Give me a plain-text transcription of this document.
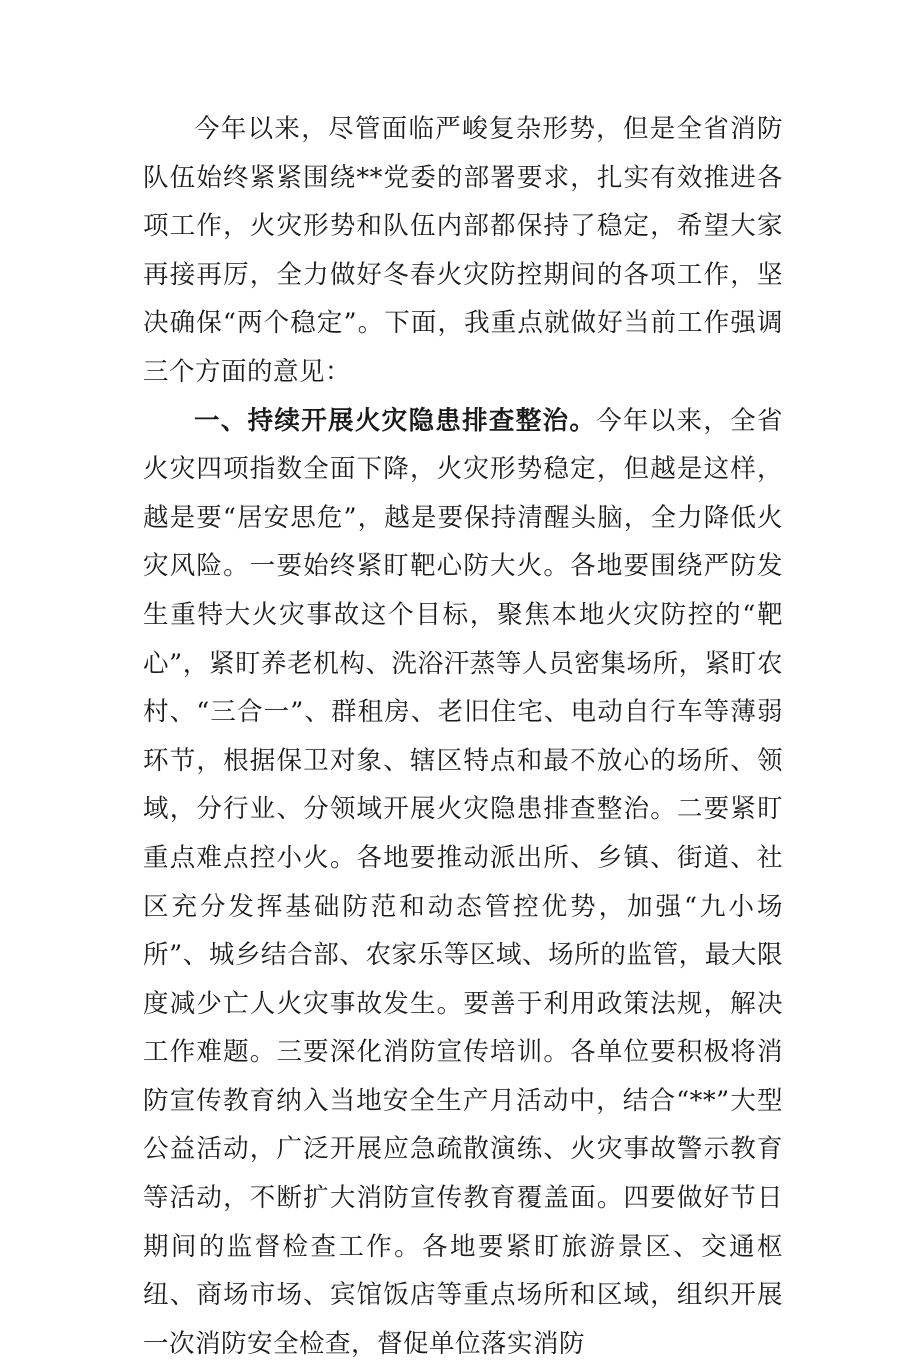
今年以来，尽管面临严峻复杂形势，但是全省消防队伍始终紧紧围绕**党委的部署要求，扎实有效推进各项工作，火灾形势和队伍内部都保持了稳定，希望大家再接再厉，全力做好冬春火灾防控期间的各项工作，坚决确保“两个稳定”。下面，我重点就做好当前工作强调三个方面的意见：

一、持续开展火灾隐患排查整治。今年以来，全省火灾四项指数全面下降，火灾形势稳定，但越是这样，越是要“居安思危”，越是要保持清醒头脑，全力降低火灾风险。一要始终紧盯靶心防大火。各地要围绕严防发生重特大火灾事故这个目标，聚焦本地火灾防控的“靶心”，紧盯养老机构、洗浴汗蒸等人员密集场所，紧盯农村、“三合一”、群租房、老旧住宅、电动自行车等薄弱环节，根据保卫对象、辖区特点和最不放心的场所、领域，分行业、分领域开展火灾隐患排查整治。二要紧盯重点难点控小火。各地要推动派出所、乡镇、街道、社区充分发挥基础防范和动态管控优势，加强“九小场所”、城乡结合部、农家乐等区域、场所的监管，最大限度减少亡人火灾事故发生。要善于利用政策法规，解决工作难题。三要深化消防宣传培训。各单位要积极将消防宣传教育纳入当地安全生产月活动中，结合“**”大型公益活动，广泛开展应急疏散演练、火灾事故警示教育等活动，不断扩大消防宣传教育覆盖面。四要做好节日期间的监督检查工作。各地要紧盯旅游景区、交通枢纽、商场市场、宾馆饭店等重点场所和区域，组织开展一次消防安全检查，督促单位落实消防
